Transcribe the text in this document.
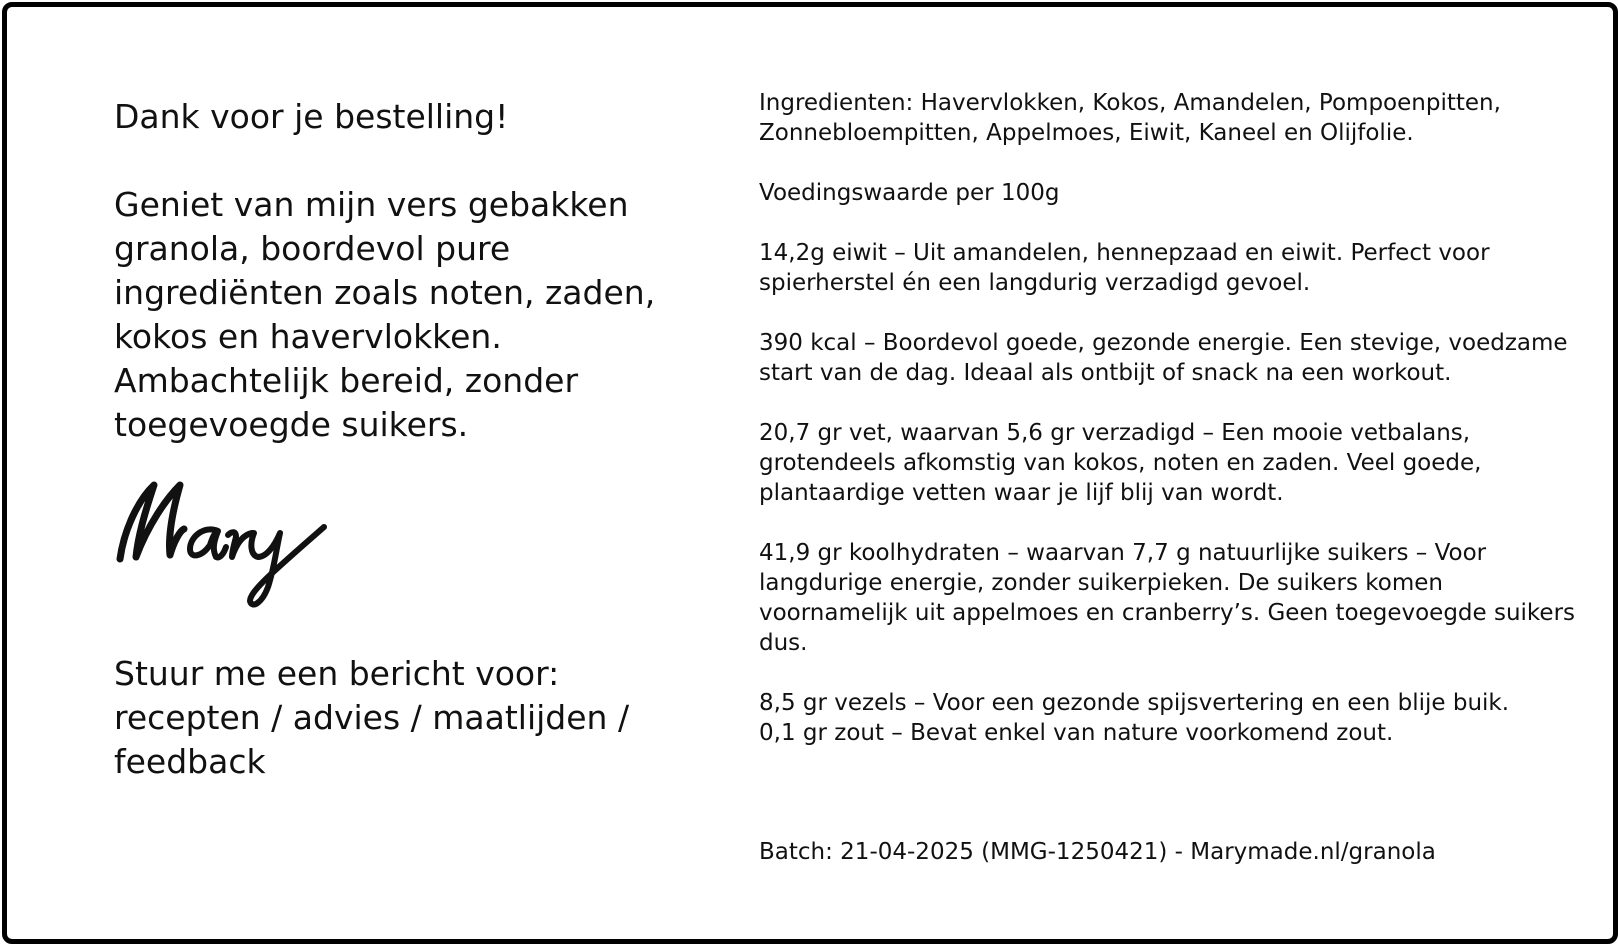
Dank voor je bestelling!

Geniet van mijn vers gebakken granola, boordevol pure ingrediënten zoals noten, zaden, kokos en havervlokken. Ambachtelijk bereid, zonder toegevoegde suikers.

Mary

Stuur me een bericht voor:

recepten / advies / maatlijden / feedback

Ingredienten: Havervlokken, Kokos, Amandelen, Pompoenpitten, Zonnebloempitten, Appelmoes, Eiwit, Kaneel en Olijfolie.

Voedingswaarde per 100g

14,2g eiwit – Uit amandelen, hennepzaad en eiwit. Perfect voor spierherstel én een langdurig verzadigd gevoel.

390 kcal – Boordevol goede, gezonde energie. Een stevige, voedzame start van de dag. Ideaal als ontbijt of snack na een workout.

20,7 gr vet, waarvan 5,6 gr verzadigd – Een mooie vetbalans, grotendeels afkomstig van kokos, noten en zaden. Veel goede, plantaardige vetten waar je lijf blij van wordt.

41,9 gr koolhydraten – waarvan 7,7 g natuurlijke suikers – Voor langdurige energie, zonder suikerpieken. De suikers komen voornamelijk uit appelmoes en cranberry’s. Geen toegevoegde suikers dus.

8,5 gr vezels – Voor een gezonde spijsvertering en een blije buik.

0,1 gr zout – Bevat enkel van nature voorkomend zout.

Batch: 21-04-2025 (MMG-1250421) - Marymade.nl/granola
